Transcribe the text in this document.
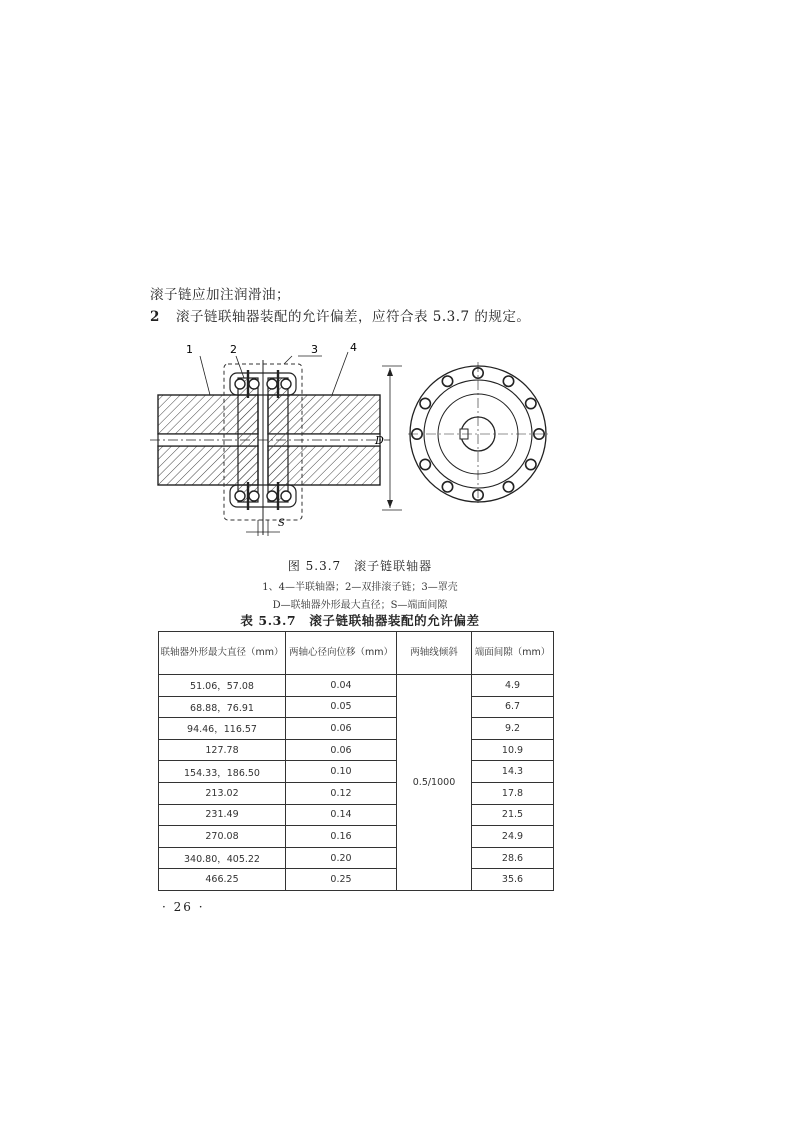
滚子链应加注润滑油；
2 滚子链联轴器装配的允许偏差，应符合表 5.3.7 的规定。
1	2	3	4
D
S
图 5.3.7　滚子链联轴器
1、4—半联轴器；2—双排滚子链；3—罩壳
D—联轴器外形最大直径；S—端面间隙
表 5.3.7　滚子链联轴器装配的允许偏差
联轴器外形最大直径（mm）	两轴心径向位移（mm）	两轴线倾斜	端面间隙（mm）
51.06，57.08	0.04	0.5/1000	4.9
68.88，76.91	0.05		6.7
94.46，116.57	0.06		9.2
127.78	0.06		10.9
154.33，186.50	0.10		14.3
213.02	0.12		17.8
231.49	0.14		21.5
270.08	0.16		24.9
340.80，405.22	0.20		28.6
466.25	0.25		35.6
· 26 ·
